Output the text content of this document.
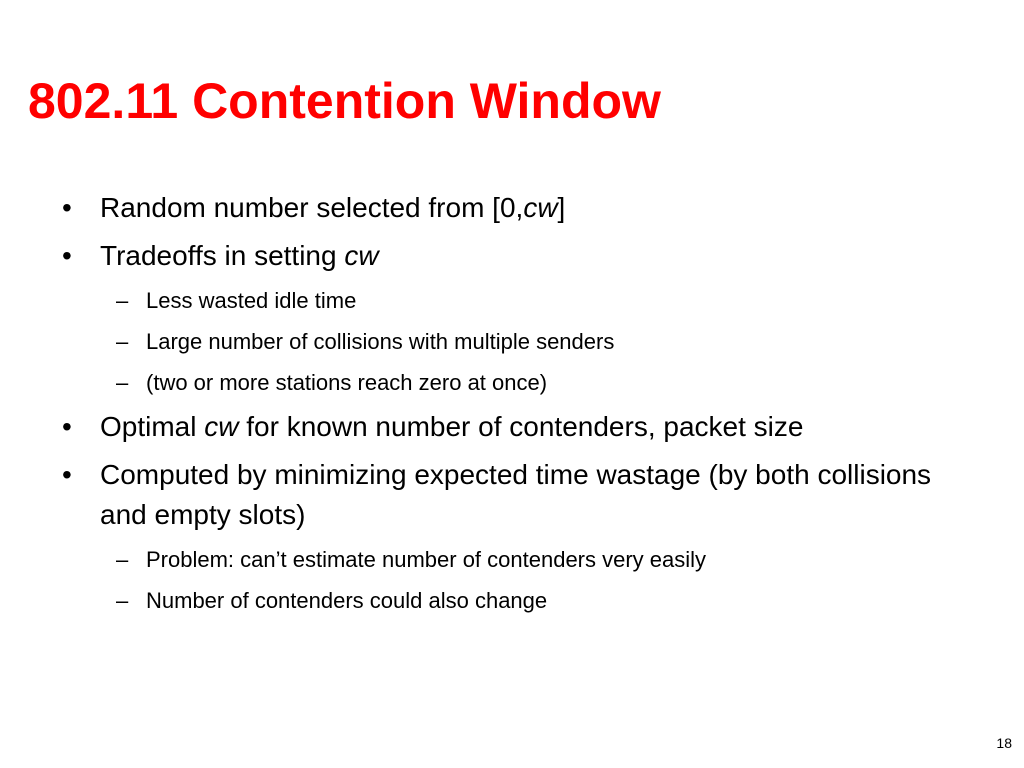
802.11 Contention Window
• Random number selected from [0,cw]
• Tradeoffs in setting cw
– Less wasted idle time
– Large number of collisions with multiple senders
– (two or more stations reach zero at once)
• Optimal cw for known number of contenders, packet size
• Computed by minimizing expected time wastage (by both collisions and empty slots)
– Problem: can’t estimate number of contenders very easily
– Number of contenders could also change
18
